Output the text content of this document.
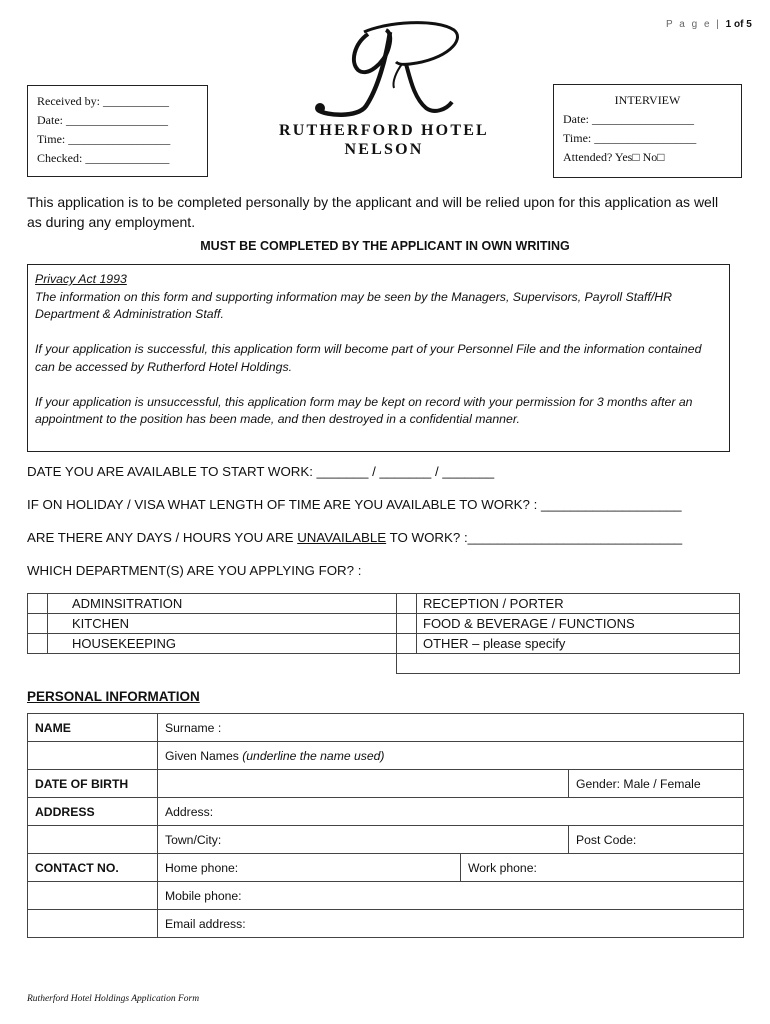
P a g e | 1 of 5
Received by: ___________
Date: _________________
Time: _________________
Checked: ______________
RUTHERFORD HOTEL
NELSON
INTERVIEW
Date: _________________
Time: _________________
Attended? Yes□ No□
This application is to be completed personally by the applicant and will be relied upon for this application as well as during any employment.
MUST BE COMPLETED BY THE APPLICANT IN OWN WRITING
Privacy Act 1993

The information on this form and supporting information may be seen by the Managers, Supervisors, Payroll Staff/HR Department & Administration Staff.

If your application is successful, this application form will become part of your Personnel File and the information contained can be accessed by Rutherford Hotel Holdings.

If your application is unsuccessful, this application form may be kept on record with your permission for 3 months after an appointment to the position has been made, and then destroyed in a confidential manner.

DATE YOU ARE AVAILABLE TO START WORK: _______ / _______ / _______
IF ON HOLIDAY / VISA WHAT LENGTH OF TIME ARE YOU AVAILABLE TO WORK? : ___________________
ARE THERE ANY DAYS / HOURS YOU ARE UNAVAILABLE TO WORK? :_____________________________
WHICH DEPARTMENT(S) ARE YOU APPLYING FOR? :
	ADMINSITRATION		RECEPTION / PORTER
	KITCHEN		FOOD & BEVERAGE / FUNCTIONS
	HOUSEKEEPING		OTHER – please specify

PERSONAL INFORMATION
NAME	Surname :		
	Given Names (underline the name used)		
DATE OF BIRTH			Gender: Male / Female
ADDRESS	Address:		
	Town/City:		Post Code:
CONTACT NO.	Home phone:	Work phone:	
	Mobile phone:		
	Email address:		
Rutherford Hotel Holdings Application Form
